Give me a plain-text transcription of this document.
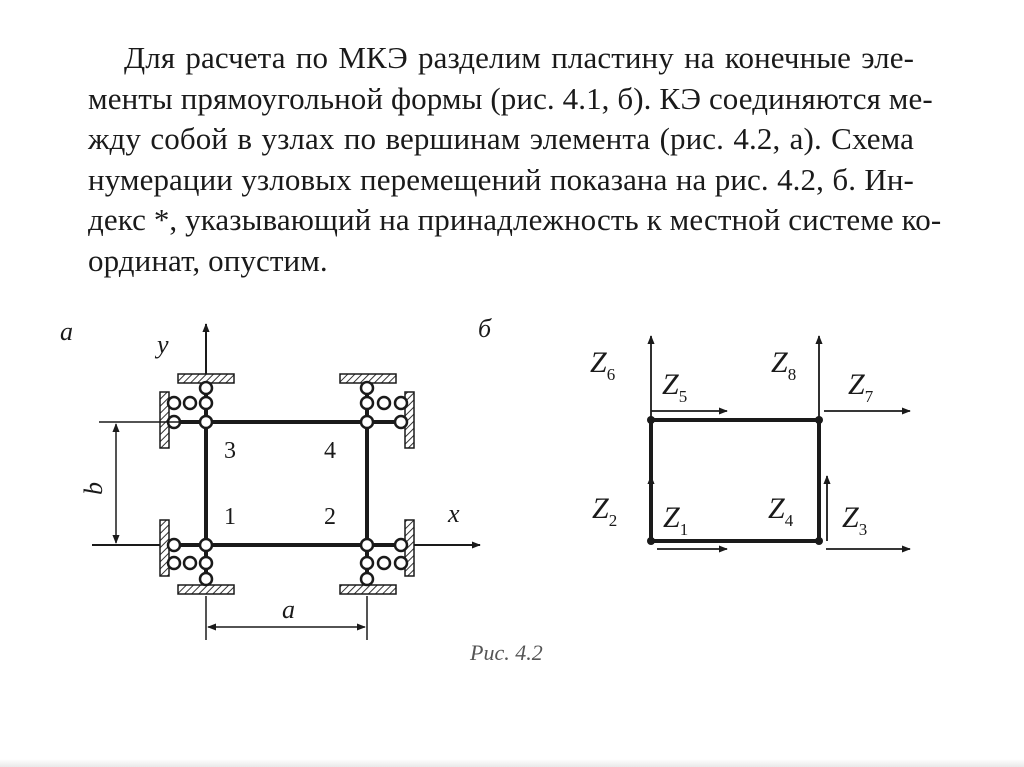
Для расчета по МКЭ разделим пластину на конечные эле-
менты прямоугольной формы (рис. 4.1, б). КЭ соединяются ме-
жду собой в узлах по вершинам элемента (рис. 4.2, а). Схема
нумерации узловых перемещений показана на рис. 4.2, б. Ин-
декс *, указывающий на принадлежность к местной системе ко-
ординат, опустим.
а	y
x
3	4
1	2
b
a
б
$Z_6$ $Z_5$
$Z_8$ $Z_7$
$Z_2$ $Z_1$
$Z_4$ $Z_3$
Рис. 4.2
